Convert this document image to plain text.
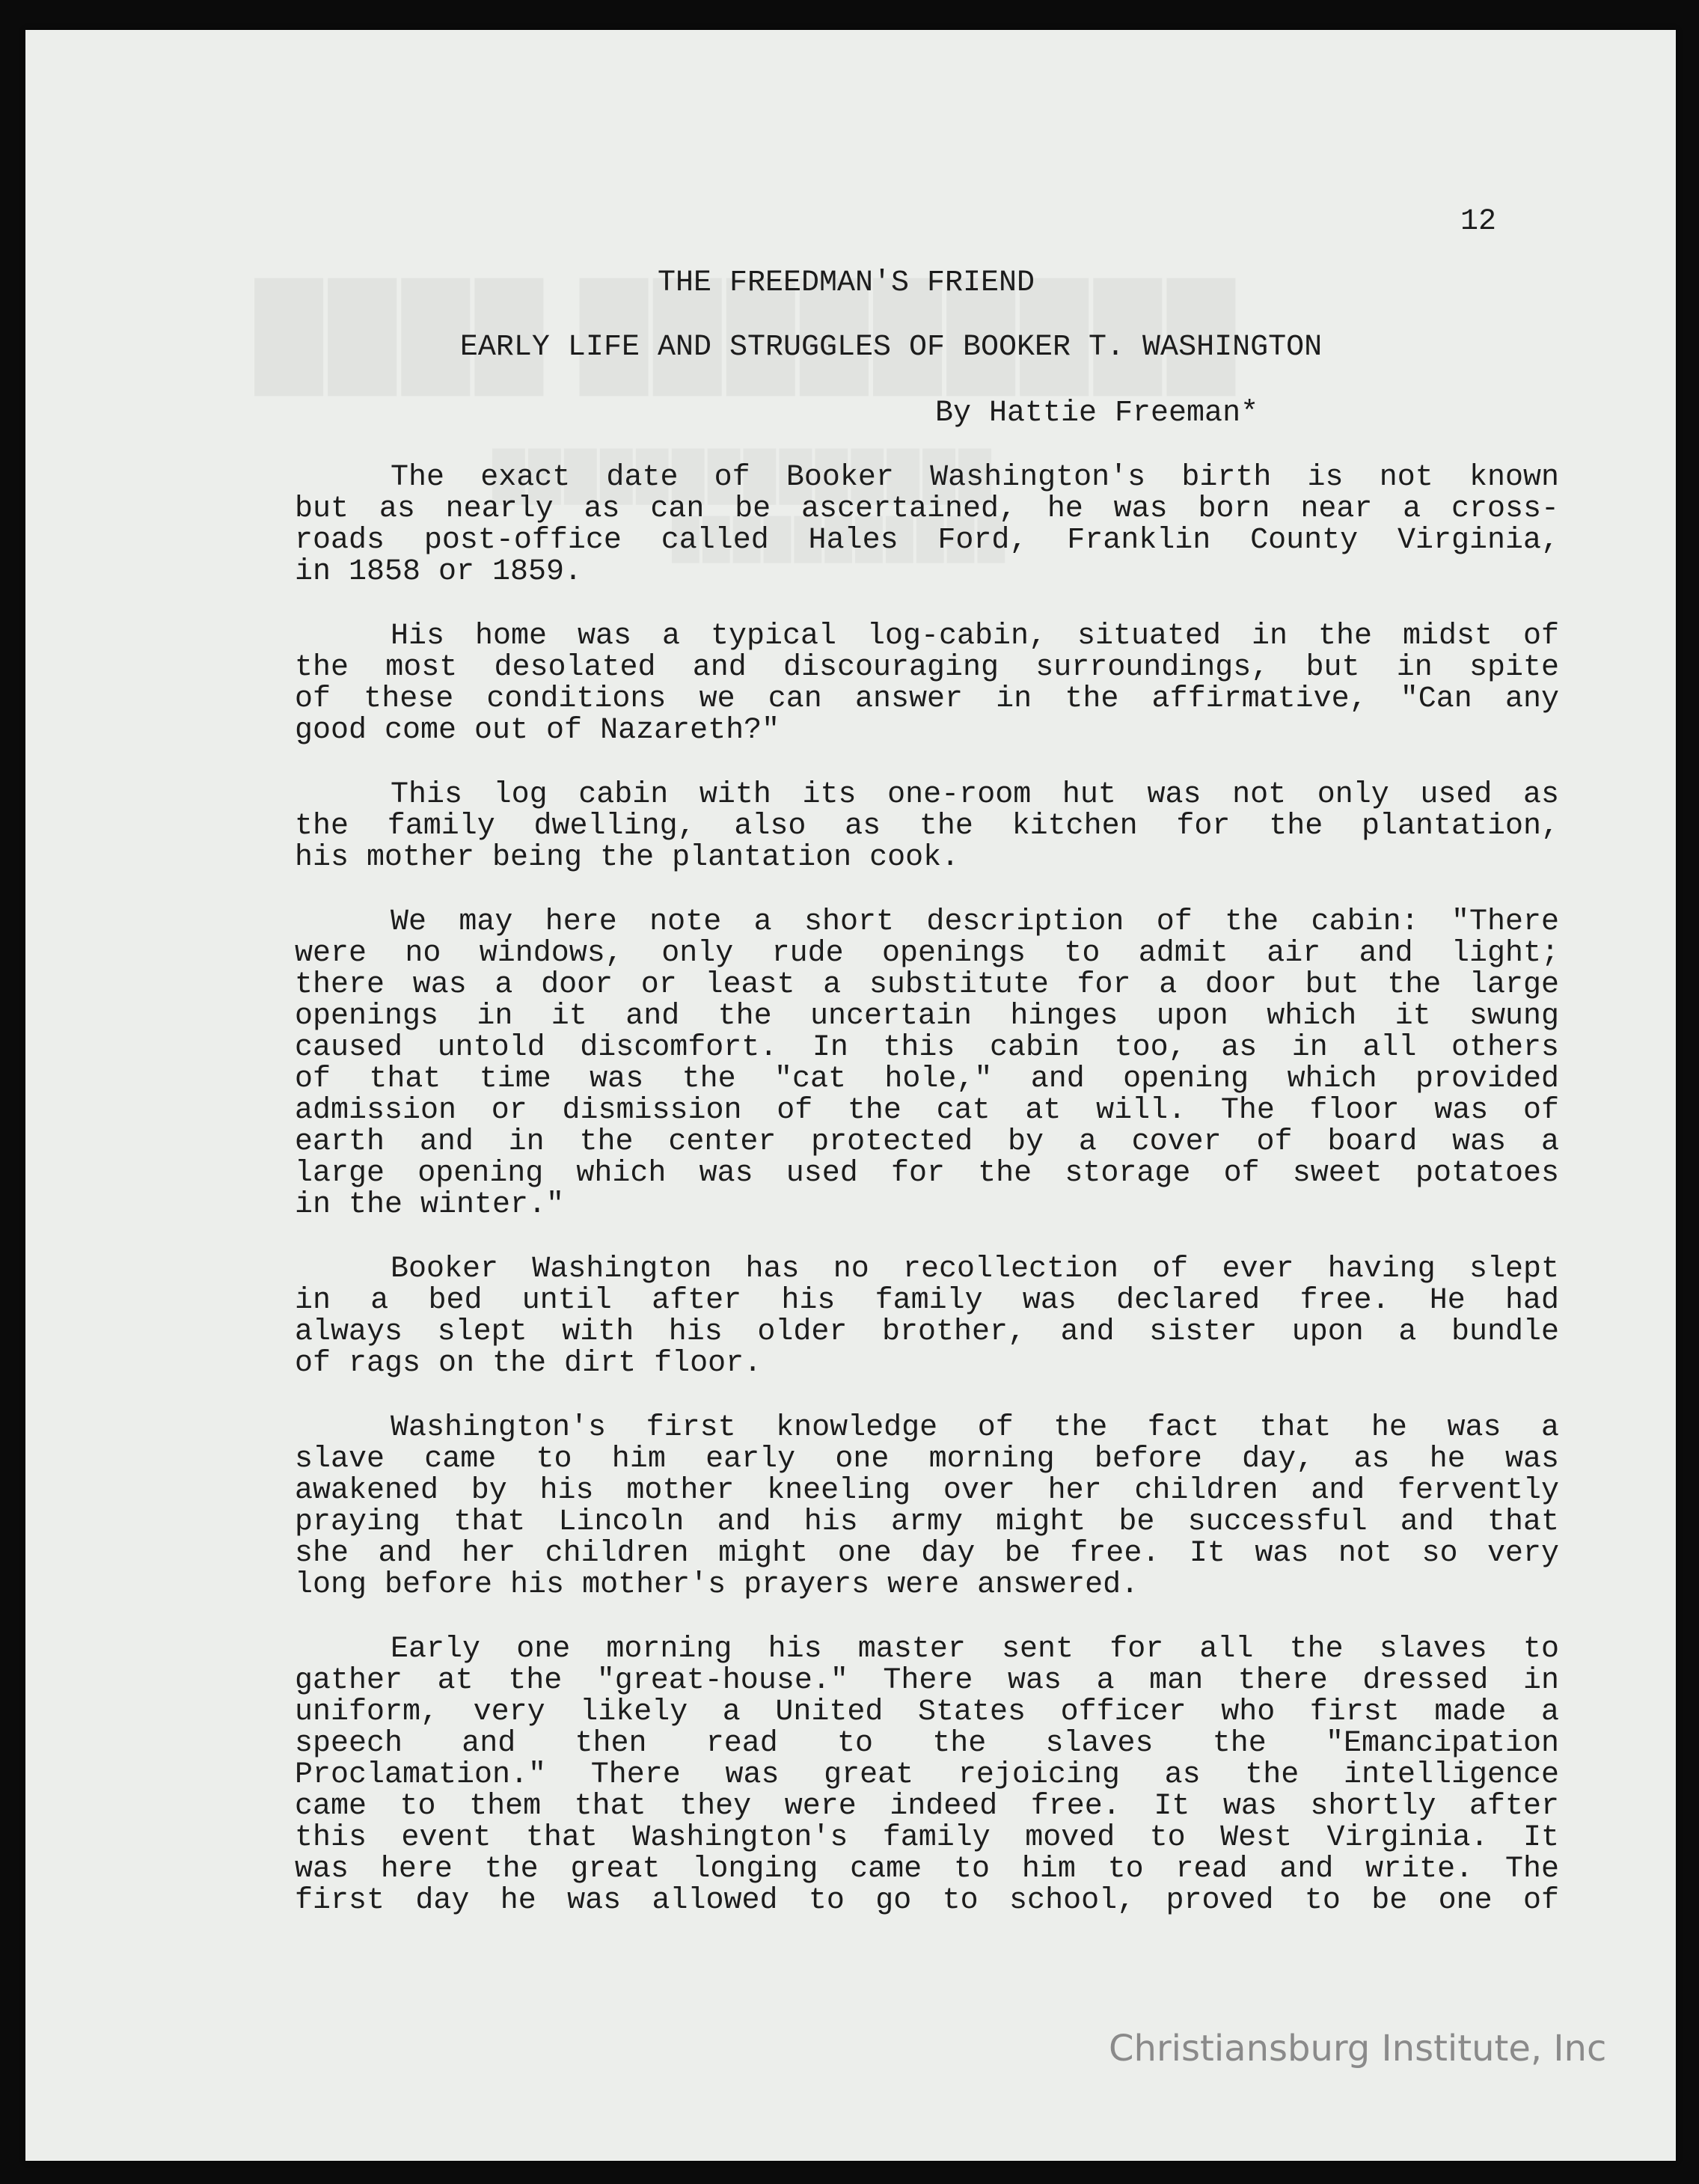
12
THE FREEDMAN'S FRIEND
EARLY LIFE AND STRUGGLES OF BOOKER T. WASHINGTON
By Hattie Freeman*
The exact date of Booker Washington's birth is not known
but as nearly as can be ascertained, he was born near a cross-
roads post-office called Hales Ford, Franklin County Virginia,
in 1858 or 1859.
His home was a typical log-cabin, situated in the midst of
the most desolated and discouraging surroundings, but in spite
of these conditions we can answer in the affirmative, "Can any
good come out of Nazareth?"
This log cabin with its one-room hut was not only used as
the family dwelling, also as the kitchen for the plantation,
his mother being the plantation cook.
We may here note a short description of the cabin: "There
were no windows, only rude openings to admit air and light;
there was a door or least a substitute for a door but the large
openings in it and the uncertain hinges upon which it swung
caused untold discomfort. In this cabin too, as in all others
of that time was the "cat hole," and opening which provided
admission or dismission of the cat at will. The floor was of
earth and in the center protected by a cover of board was a
large opening which was used for the storage of sweet potatoes
in the winter."
Booker Washington has no recollection of ever having slept
in a bed until after his family was declared free. He had
always slept with his older brother, and sister upon a bundle
of rags on the dirt floor.
Washington's first knowledge of the fact that he was a
slave came to him early one morning before day, as he was
awakened by his mother kneeling over her children and fervently
praying that Lincoln and his army might be successful and that
she and her children might one day be free. It was not so very
long before his mother's prayers were answered.
Early one morning his master sent for all the slaves to
gather at the "great-house." There was a man there dressed in
uniform, very likely a United States officer who first made a
speech and then read to the slaves the "Emancipation
Proclamation." There was great rejoicing as the intelligence
came to them that they were indeed free. It was shortly after
this event that Washington's family moved to West Virginia. It
was here the great longing came to him to read and write. The
first day he was allowed to go to school, proved to be one of
Christiansburg Institute, Inc
